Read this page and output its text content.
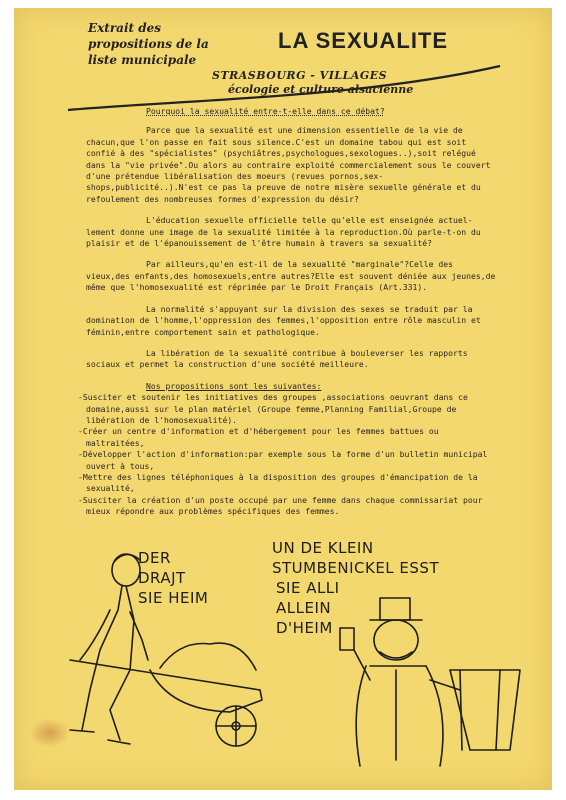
Extrait des
propositions de la
liste municipale
LA SEXUALITE
STRASBOURG - VILLAGES
écologie et culture alsacienne

Pourquoi la sexualité entre-t-elle dans ce débat?

Parce que la sexualité est une dimension essentielle de la vie de chacun,que l'on passe en fait sous silence.C'est un domaine tabou qui est soit confié à des "spécialistes" (psychiâtres,psychologues,sexologues..),soit relégué dans la "vie privée".Ou alors au contraire exploité commercialement sous le couvert d'une prétendue libéralisation des moeurs (revues pornos,sex-shops,publicité..).N'est ce pas la preuve de notre misère sexuelle générale et du refoulement des nombreuses formes d'expression du désir?

L'éducation sexuelle officielle telle qu'elle est enseignée actuel-lement donne une image de la sexualité limitée à la reproduction.Où parle-t-on du plaisir et de l'épanouissement de l'être humain à travers sa sexualité?

Par ailleurs,qu'en est-il de la sexualité "marginale"?Celle des vieux,des enfants,des homosexuels,entre autres?Elle est souvent déniée aux jeunes,de même que l'homosexualité est réprimée par le Droit Français (Art.331).

La normalité s'appuyant sur la division des sexes se traduit par la domination de l'homme,l'oppression des femmes,l'opposition entre rôle masculin et féminin,entre comportement sain et pathologique.

La libération de la sexualité contribue à bouleverser les rapports sociaux et permet la construction d'une société meilleure.

Nos propositions sont les suivantes:

- Susciter et soutenir les initiatives des groupes ,associations oeuvrant dans ce domaine,aussi sur le plan matériel (Groupe femme,Planning Familial,Groupe de libération de l'homosexualité).
- Créer un centre d'information et d'hébergement pour les femmes battues ou maltraitées,
- Développer l'action d'information:par exemple sous la forme d'un bulletin municipal ouvert à tous,
- Mettre des lignes téléphoniques à la disposition des groupes d'émancipation de la sexualité,
- Susciter la création d'un poste occupé par une femme dans chaque commissariat pour mieux répondre aux problèmes spécifiques des femmes.
DER
DRAJT
SIE HEIM
UN DE KLEIN
STUMBENICKEL ESST
SIE ALLI
ALLEIN
D'HEIM
